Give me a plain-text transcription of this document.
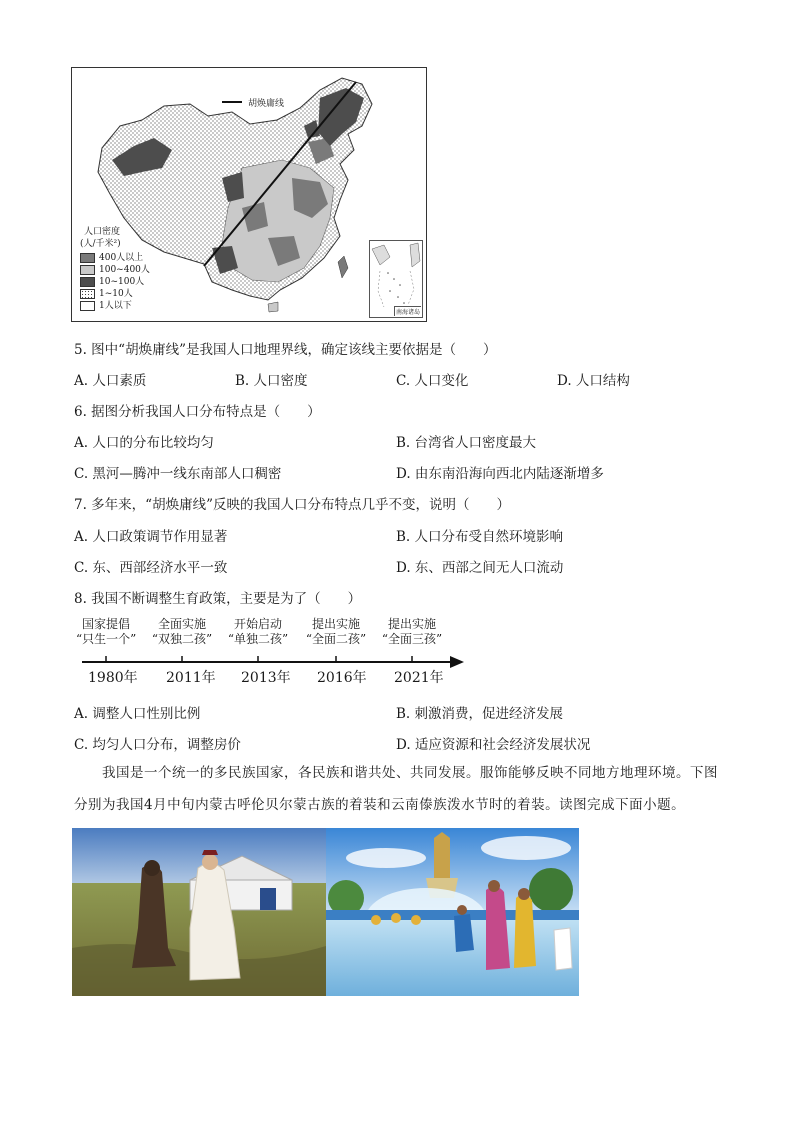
胡焕庸线
人口密度
(人/千米²)
400人以上
100~400人
10~100人
1~10人
1人以下
南海诸岛
5. 图中“胡焕庸线”是我国人口地理界线，确定该线主要依据是（　　）
A. 人口素质	B. 人口密度	C. 人口变化	D. 人口结构
6. 据图分析我国人口分布特点是（　　）
A. 人口的分布比较均匀	B. 台湾省人口密度最大
C. 黑河—腾冲一线东南部人口稠密	D. 由东南沿海向西北内陆逐渐增多
7. 多年来，“胡焕庸线”反映的我国人口分布特点几乎不变，说明（　　）
A. 人口政策调节作用显著	B. 人口分布受自然环境影响
C. 东、西部经济水平一致	D. 东、西部之间无人口流动
8. 我国不断调整生育政策，主要是为了（　　）
国家提倡
“只生一个”
全面实施
“双独二孩”
开始启动
“单独二孩”
提出实施
“全面二孩”
提出实施
“全面三孩”
1980年 2011年 2013年 2016年 2021年
A. 调整人口性别比例	B. 刺激消费，促进经济发展
C. 均匀人口分布，调整房价	D. 适应资源和社会经济发展状况
我国是一个统一的多民族国家，各民族和谐共处、共同发展。服饰能够反映不同地方地理环境。下图
分别为我国4月中旬内蒙古呼伦贝尔蒙古族的着装和云南傣族泼水节时的着装。读图完成下面小题。
